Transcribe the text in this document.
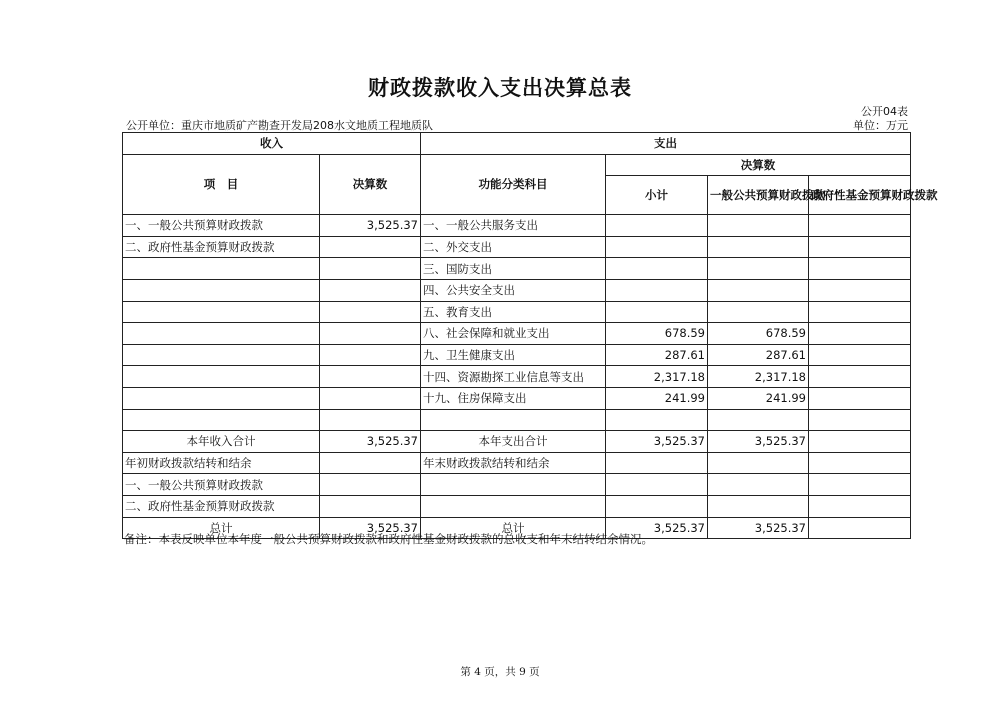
财政拨款收入支出决算总表
公开04表
公开单位：重庆市地质矿产勘查开发局208水文地质工程地质队	单位：万元
收入		支出			
项　目	决算数	功能分类科目	决算数		
			小计	一般公共预算财政拨款	政府性基金预算财政拨款
一、一般公共预算财政拨款	3,525.37	一、一般公共服务支出			
二、政府性基金预算财政拨款		二、外交支出			
		三、国防支出			
		四、公共安全支出			
		五、教育支出			
		八、社会保障和就业支出	678.59	678.59	
		九、卫生健康支出	287.61	287.61	
		十四、资源勘探工业信息等支出	2,317.18	2,317.18	
		十九、住房保障支出	241.99	241.99	

本年收入合计	3,525.37	本年支出合计	3,525.37	3,525.37	
年初财政拨款结转和结余		年末财政拨款结转和结余			
一、一般公共预算财政拨款					
二、政府性基金预算财政拨款					
总计	3,525.37	总计	3,525.37	3,525.37	
备注：本表反映单位本年度一般公共预算财政拨款和政府性基金财政拨款的总收支和年末结转结余情况。
第 4 页，共 9 页
